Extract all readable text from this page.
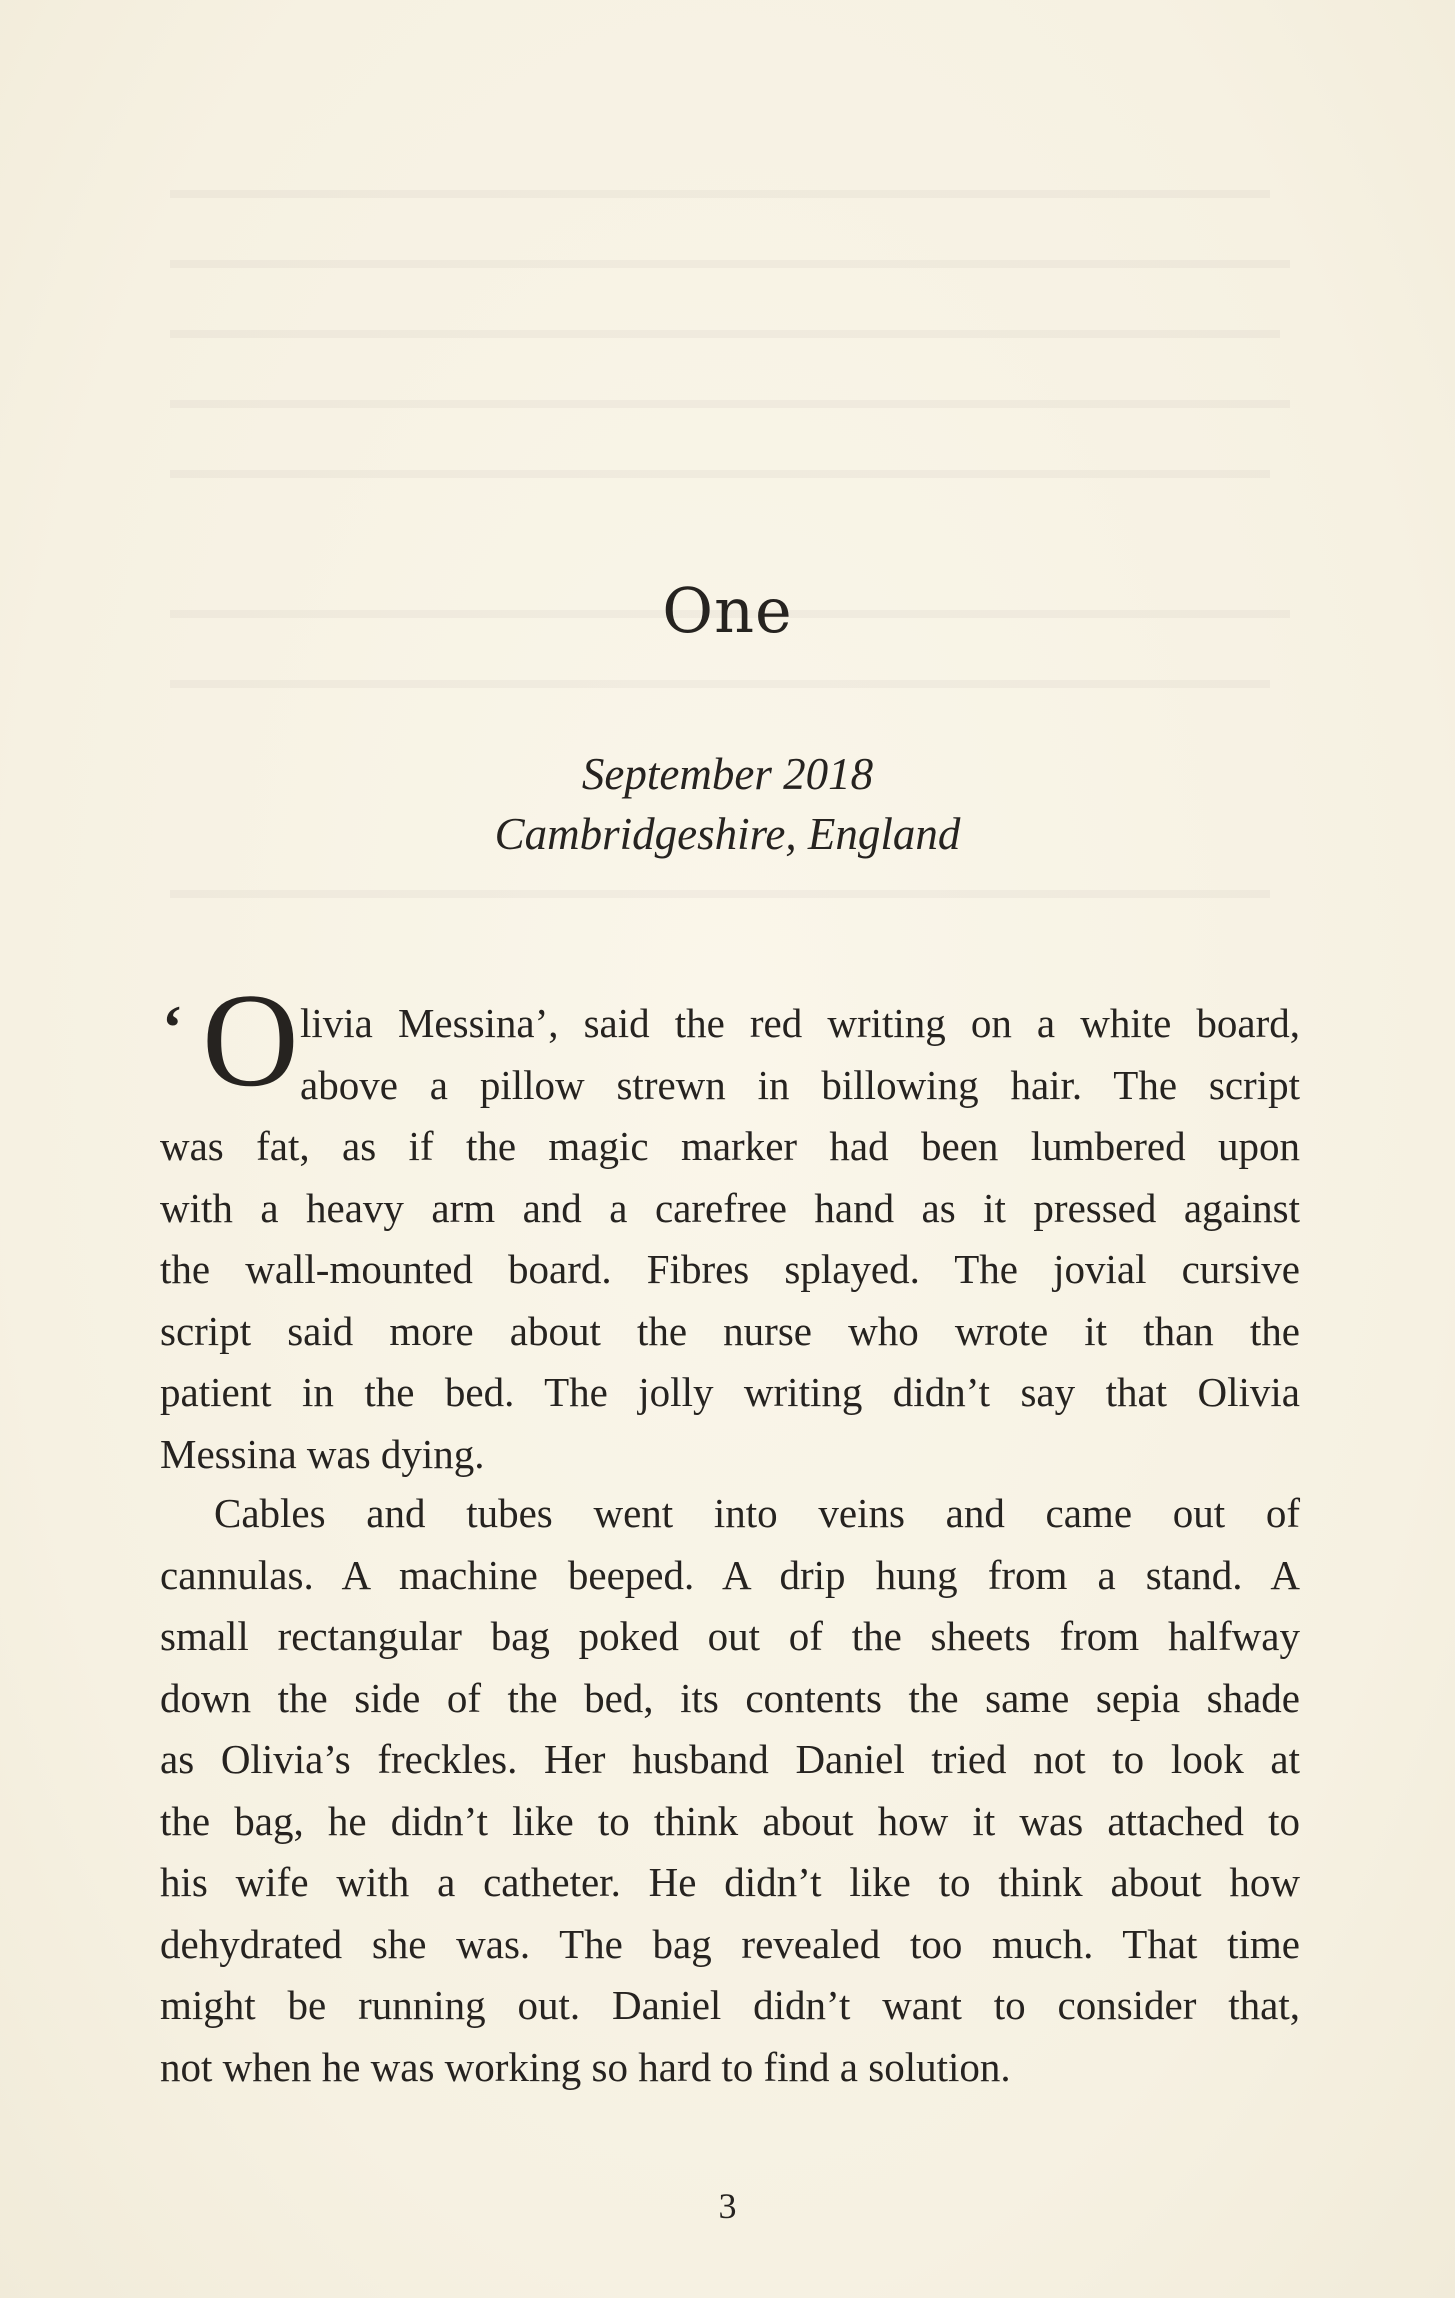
One
September 2018
Cambridgeshire, England
‘ O livia Messina’, said the red writing on a white board,
above a pillow strewn in billowing hair. The script
was fat, as if the magic marker had been lumbered upon
with a heavy arm and a carefree hand as it pressed against
the wall-mounted board. Fibres splayed. The jovial cursive
script said more about the nurse who wrote it than the
patient in the bed. The jolly writing didn’t say that Olivia
Messina was dying.
Cables and tubes went into veins and came out of
cannulas. A machine beeped. A drip hung from a stand. A
small rectangular bag poked out of the sheets from halfway
down the side of the bed, its contents the same sepia shade
as Olivia’s freckles. Her husband Daniel tried not to look at
the bag, he didn’t like to think about how it was attached to
his wife with a catheter. He didn’t like to think about how
dehydrated she was. The bag revealed too much. That time
might be running out. Daniel didn’t want to consider that,
not when he was working so hard to find a solution.
3
